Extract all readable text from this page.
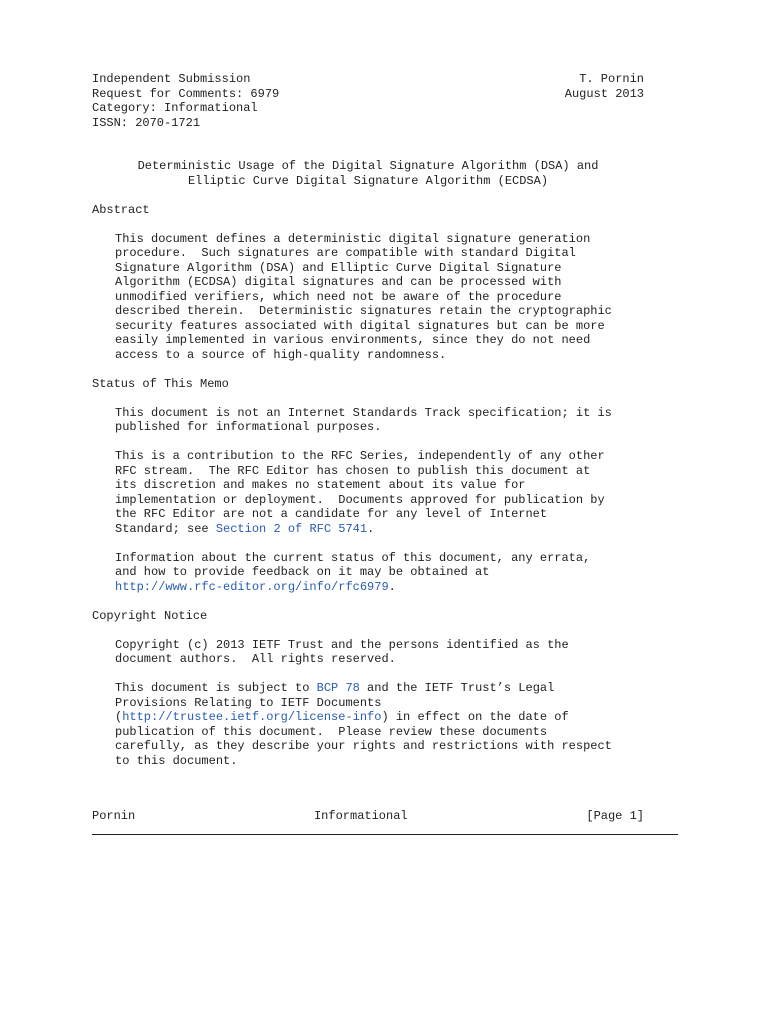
Independent Submission	T. Pornin
Request for Comments: 6979	August 2013
Category: Informational
ISSN: 2070-1721
Deterministic Usage of the Digital Signature Algorithm (DSA) and
Elliptic Curve Digital Signature Algorithm (ECDSA)
Abstract
This document defines a deterministic digital signature generation
procedure.  Such signatures are compatible with standard Digital
Signature Algorithm (DSA) and Elliptic Curve Digital Signature
Algorithm (ECDSA) digital signatures and can be processed with
unmodified verifiers, which need not be aware of the procedure
described therein.  Deterministic signatures retain the cryptographic
security features associated with digital signatures but can be more
easily implemented in various environments, since they do not need
access to a source of high-quality randomness.
Status of This Memo
This document is not an Internet Standards Track specification; it is
published for informational purposes.
This is a contribution to the RFC Series, independently of any other
RFC stream.  The RFC Editor has chosen to publish this document at
its discretion and makes no statement about its value for
implementation or deployment.  Documents approved for publication by
the RFC Editor are not a candidate for any level of Internet
Standard; see Section 2 of RFC 5741.
Information about the current status of this document, any errata,
and how to provide feedback on it may be obtained at
http://www.rfc-editor.org/info/rfc6979.
Copyright Notice
Copyright (c) 2013 IETF Trust and the persons identified as the
document authors.  All rights reserved.
This document is subject to BCP 78 and the IETF Trust’s Legal
Provisions Relating to IETF Documents
(http://trustee.ietf.org/license-info) in effect on the date of
publication of this document.  Please review these documents
carefully, as they describe your rights and restrictions with respect
to this document.
Pornin	Informational	[Page 1]
